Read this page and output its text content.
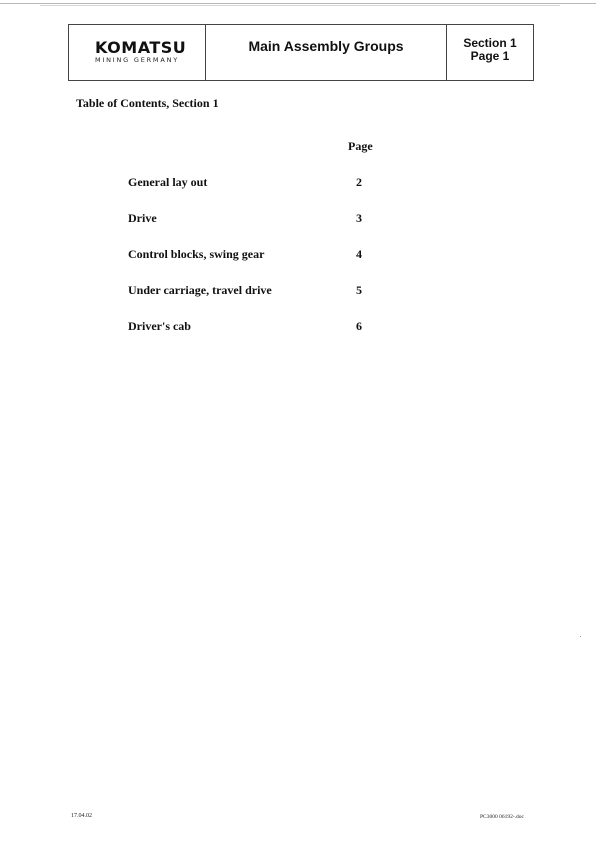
KOMATSU
MINING GERMANY
Main Assembly Groups	Section 1
Page 1
Table of Contents, Section 1
Page
General lay out	2
Drive	3
Control blocks, swing gear	4
Under carriage, travel drive	5
Driver's cab	6
17.04.02	PC3000 06192-.doc
